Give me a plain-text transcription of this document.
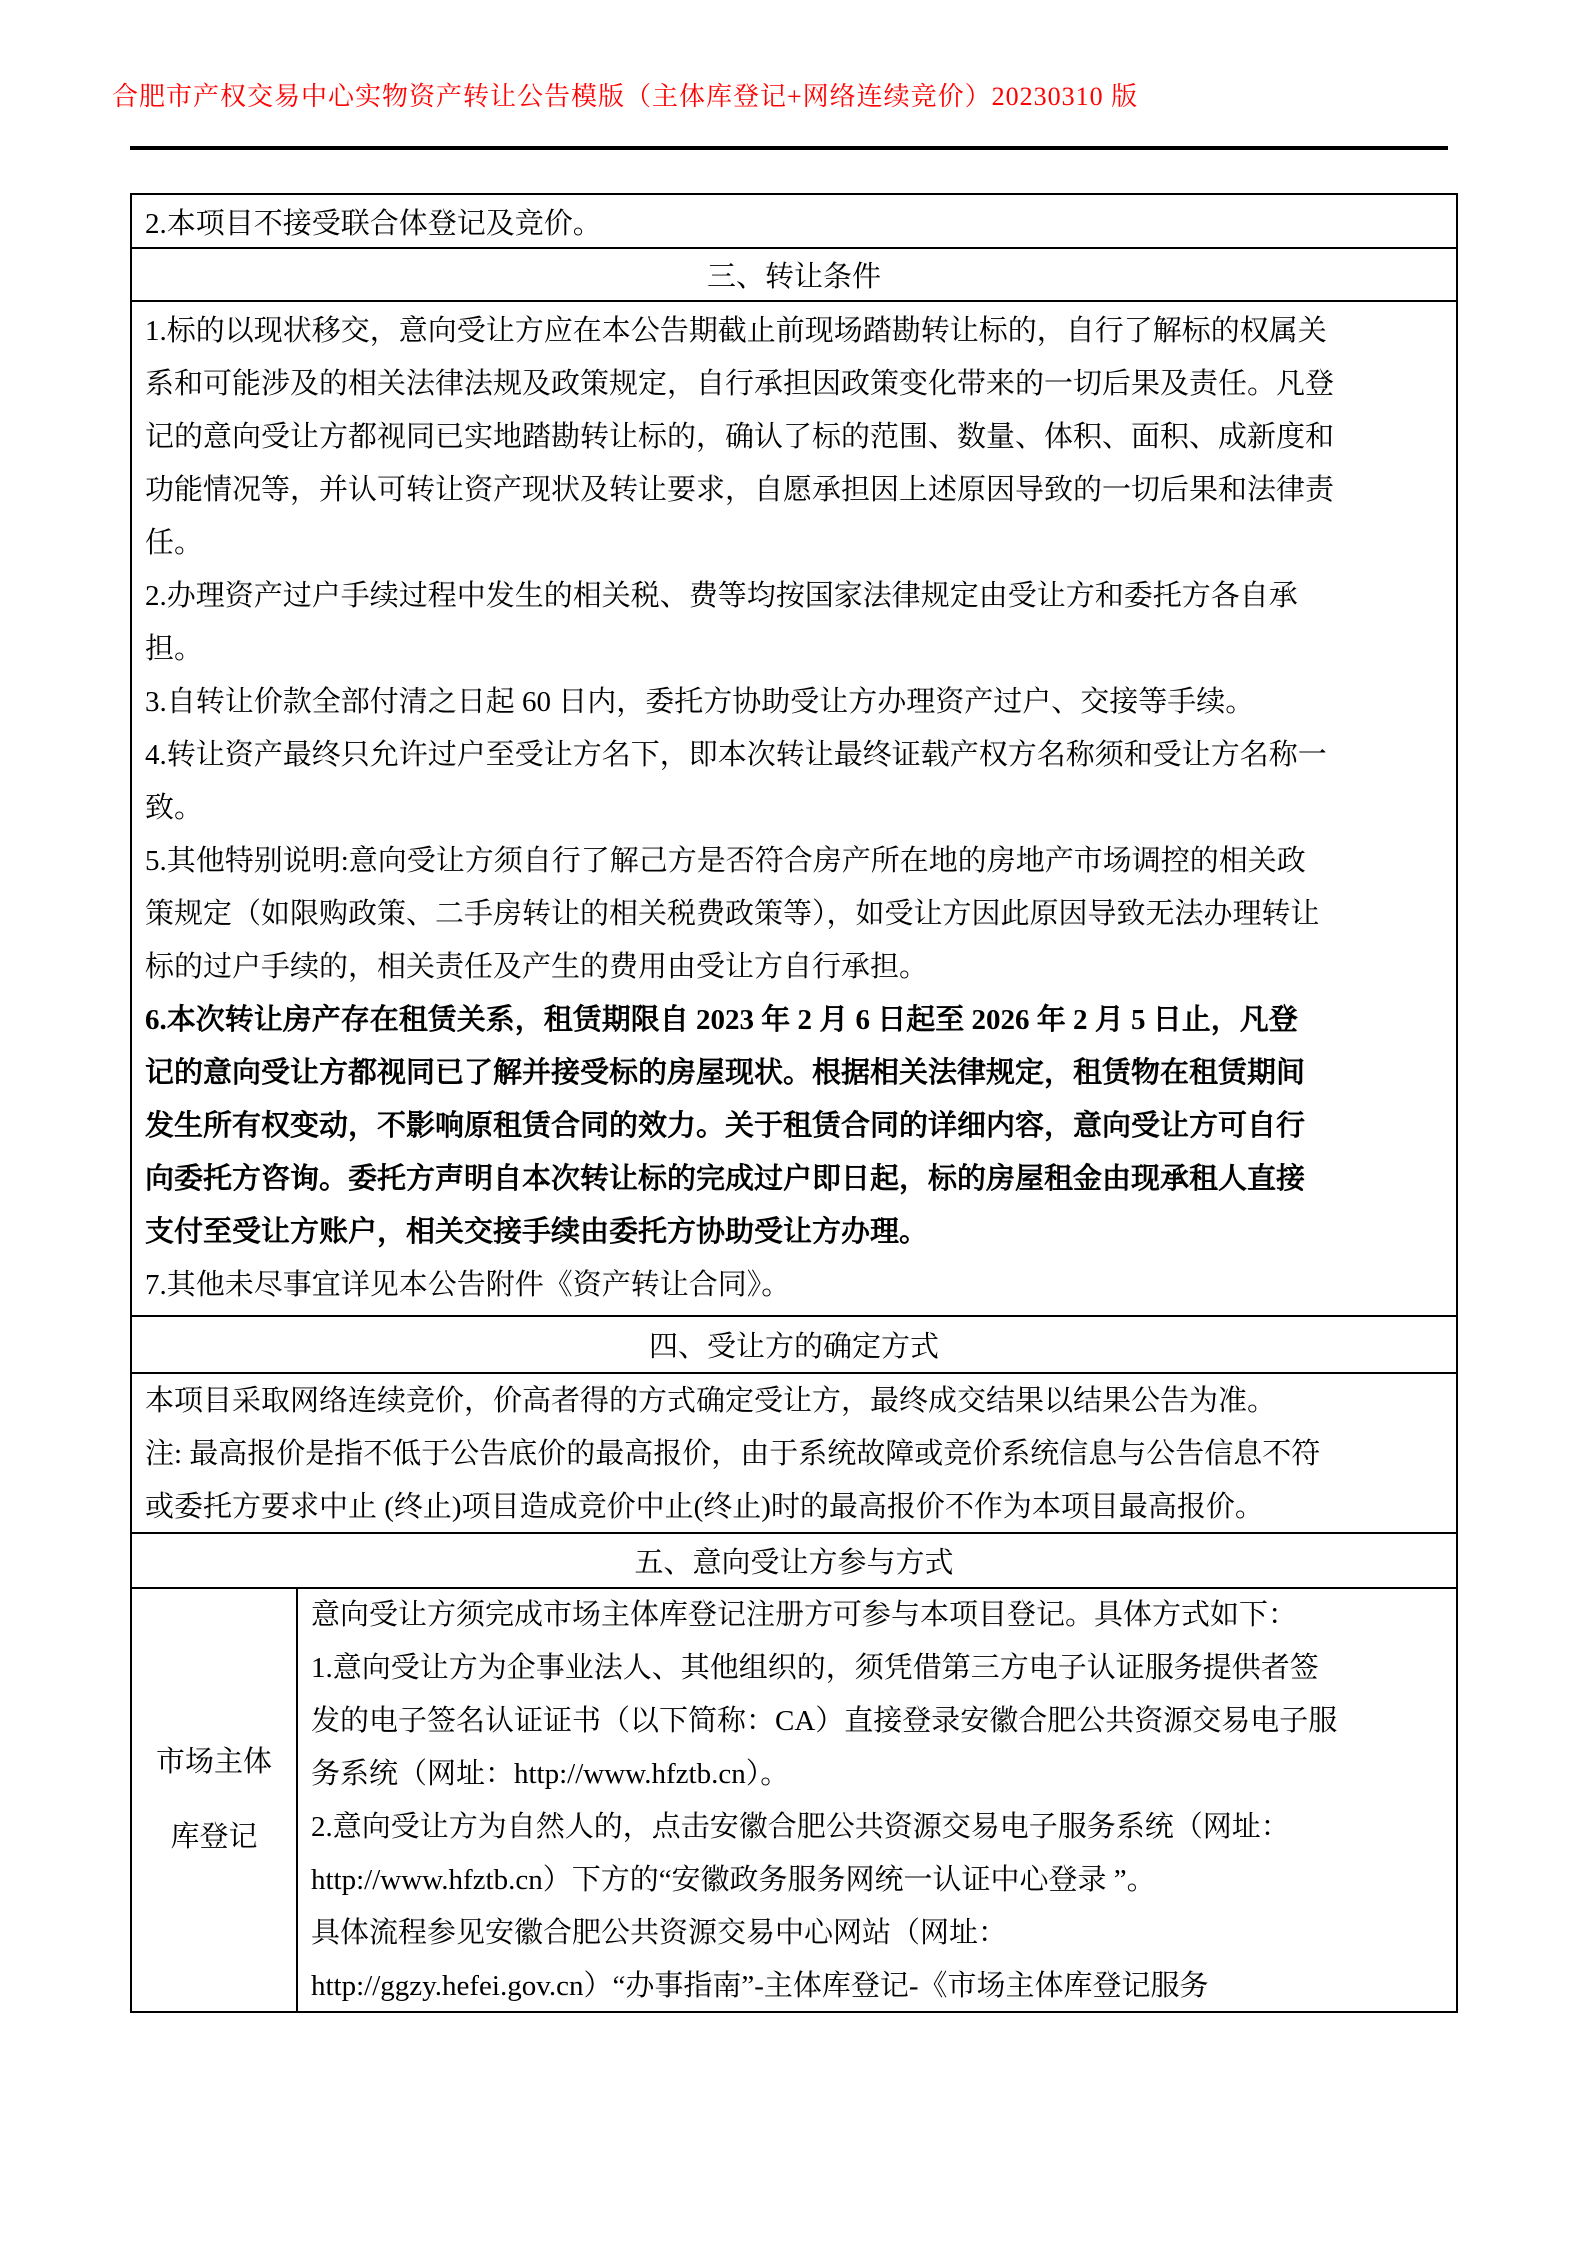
合肥市产权交易中心实物资产转让公告模版（主体库登记+网络连续竞价）20230310 版
2.本项目不接受联合体登记及竞价。
三、转让条件
1.标的以现状移交，意向受让方应在本公告期截止前现场踏勘转让标的，自行了解标的权属关
系和可能涉及的相关法律法规及政策规定，自行承担因政策变化带来的一切后果及责任。凡登
记的意向受让方都视同已实地踏勘转让标的，确认了标的范围、数量、体积、面积、成新度和
功能情况等，并认可转让资产现状及转让要求，自愿承担因上述原因导致的一切后果和法律责
任。
2.办理资产过户手续过程中发生的相关税、费等均按国家法律规定由受让方和委托方各自承
担。
3.自转让价款全部付清之日起 60 日内，委托方协助受让方办理资产过户、交接等手续。
4.转让资产最终只允许过户至受让方名下，即本次转让最终证载产权方名称须和受让方名称一
致。
5.其他特别说明:意向受让方须自行了解己方是否符合房产所在地的房地产市场调控的相关政
策规定（如限购政策、二手房转让的相关税费政策等），如受让方因此原因导致无法办理转让
标的过户手续的，相关责任及产生的费用由受让方自行承担。
6.本次转让房产存在租赁关系，租赁期限自 2023 年 2 月 6 日起至 2026 年 2 月 5 日止，凡登
记的意向受让方都视同已了解并接受标的房屋现状。根据相关法律规定，租赁物在租赁期间
发生所有权变动，不影响原租赁合同的效力。关于租赁合同的详细内容，意向受让方可自行
向委托方咨询。委托方声明自本次转让标的完成过户即日起，标的房屋租金由现承租人直接
支付至受让方账户，相关交接手续由委托方协助受让方办理。
7.其他未尽事宜详见本公告附件《资产转让合同》。
四、受让方的确定方式
本项目采取网络连续竞价，价高者得的方式确定受让方，最终成交结果以结果公告为准。
注: 最高报价是指不低于公告底价的最高报价，由于系统故障或竞价系统信息与公告信息不符
或委托方要求中止 (终止)项目造成竞价中止(终止)时的最高报价不作为本项目最高报价。
五、意向受让方参与方式
市场主体
库登记
意向受让方须完成市场主体库登记注册方可参与本项目登记。具体方式如下：
1.意向受让方为企事业法人、其他组织的，须凭借第三方电子认证服务提供者签
发的电子签名认证证书（以下简称：CA）直接登录安徽合肥公共资源交易电子服
务系统（网址：http://www.hfztb.cn）。
2.意向受让方为自然人的，点击安徽合肥公共资源交易电子服务系统（网址：
http://www.hfztb.cn）下方的“安徽政务服务网统一认证中心登录 ”。
具体流程参见安徽合肥公共资源交易中心网站（网址：
http://ggzy.hefei.gov.cn）“办事指南”-主体库登记-《市场主体库登记服务
